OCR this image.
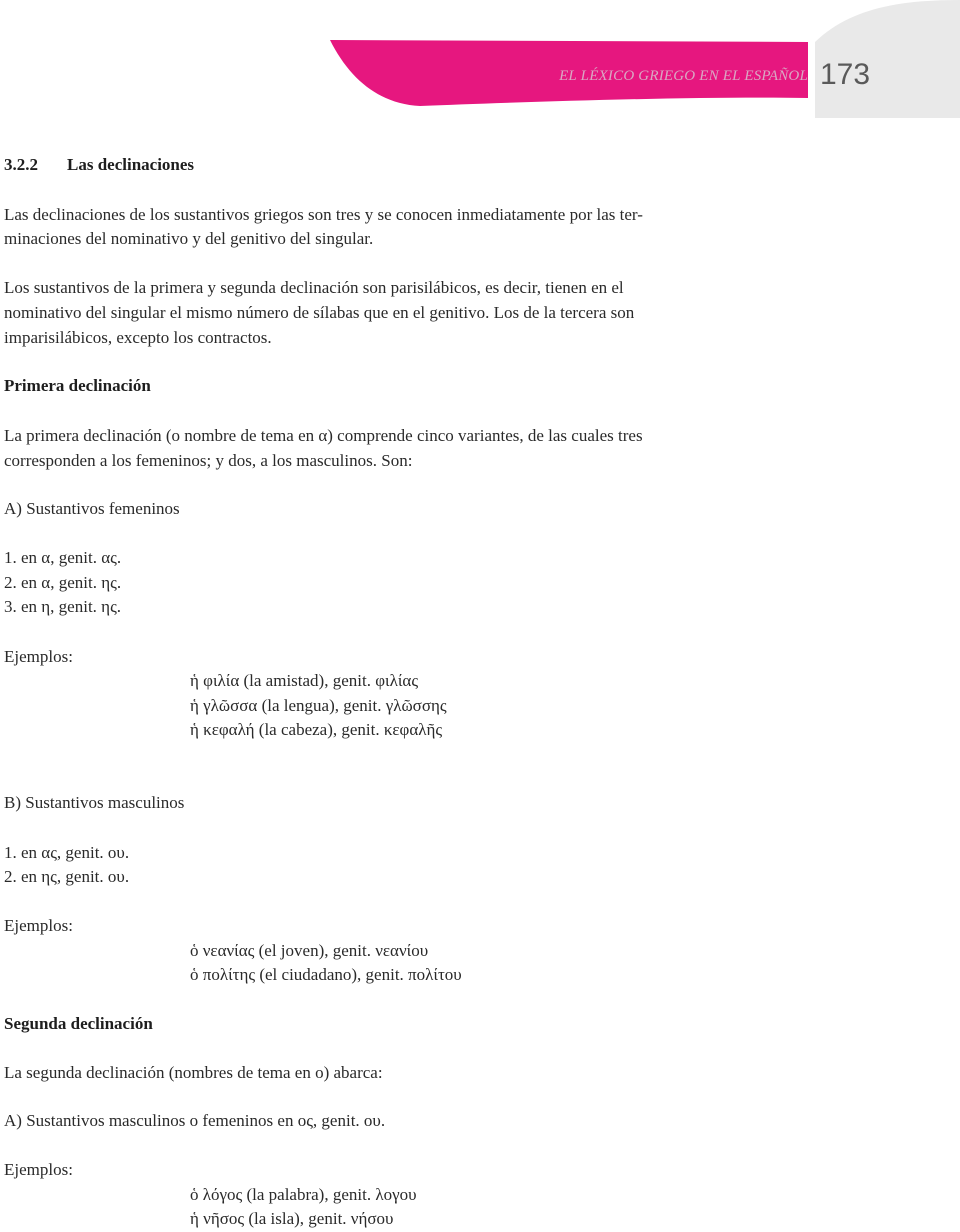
EL LÉXICO GRIEGO EN EL ESPAÑOL 173
3.2.2 Las declinaciones
Las declinaciones de los sustantivos griegos son tres y se conocen inmediatamente por las ter-
minaciones del nominativo y del genitivo del singular.
Los sustantivos de la primera y segunda declinación son parisilábicos, es decir, tienen en el
nominativo del singular el mismo número de sílabas que en el genitivo. Los de la tercera son
imparisilábicos, excepto los contractos.
Primera declinación
La primera declinación (o nombre de tema en α) comprende cinco variantes, de las cuales tres
corresponden a los femeninos; y dos, a los masculinos. Son:
A) Sustantivos femeninos
1. en α, genit. ας.
2. en α, genit. ης.
3. en η, genit. ης.
Ejemplos:
ἡ φιλία (la amistad), genit. φιλίας
ἡ γλῶσσα (la lengua), genit. γλῶσσης
ἡ κεφαλή (la cabeza), genit. κεφαλῆς
B) Sustantivos masculinos
1. en ας, genit. ου.
2. en ης, genit. ου.
Ejemplos:
ὁ νεανίας (el joven), genit. νεανίου
ὁ πολίτης (el ciudadano), genit. πολίτου
Segunda declinación
La segunda declinación (nombres de tema en o) abarca:
A) Sustantivos masculinos o femeninos en ος, genit. ου.
Ejemplos:
ὁ λόγος (la palabra), genit. λογου
ἡ νῆσος (la isla), genit. νήσου
